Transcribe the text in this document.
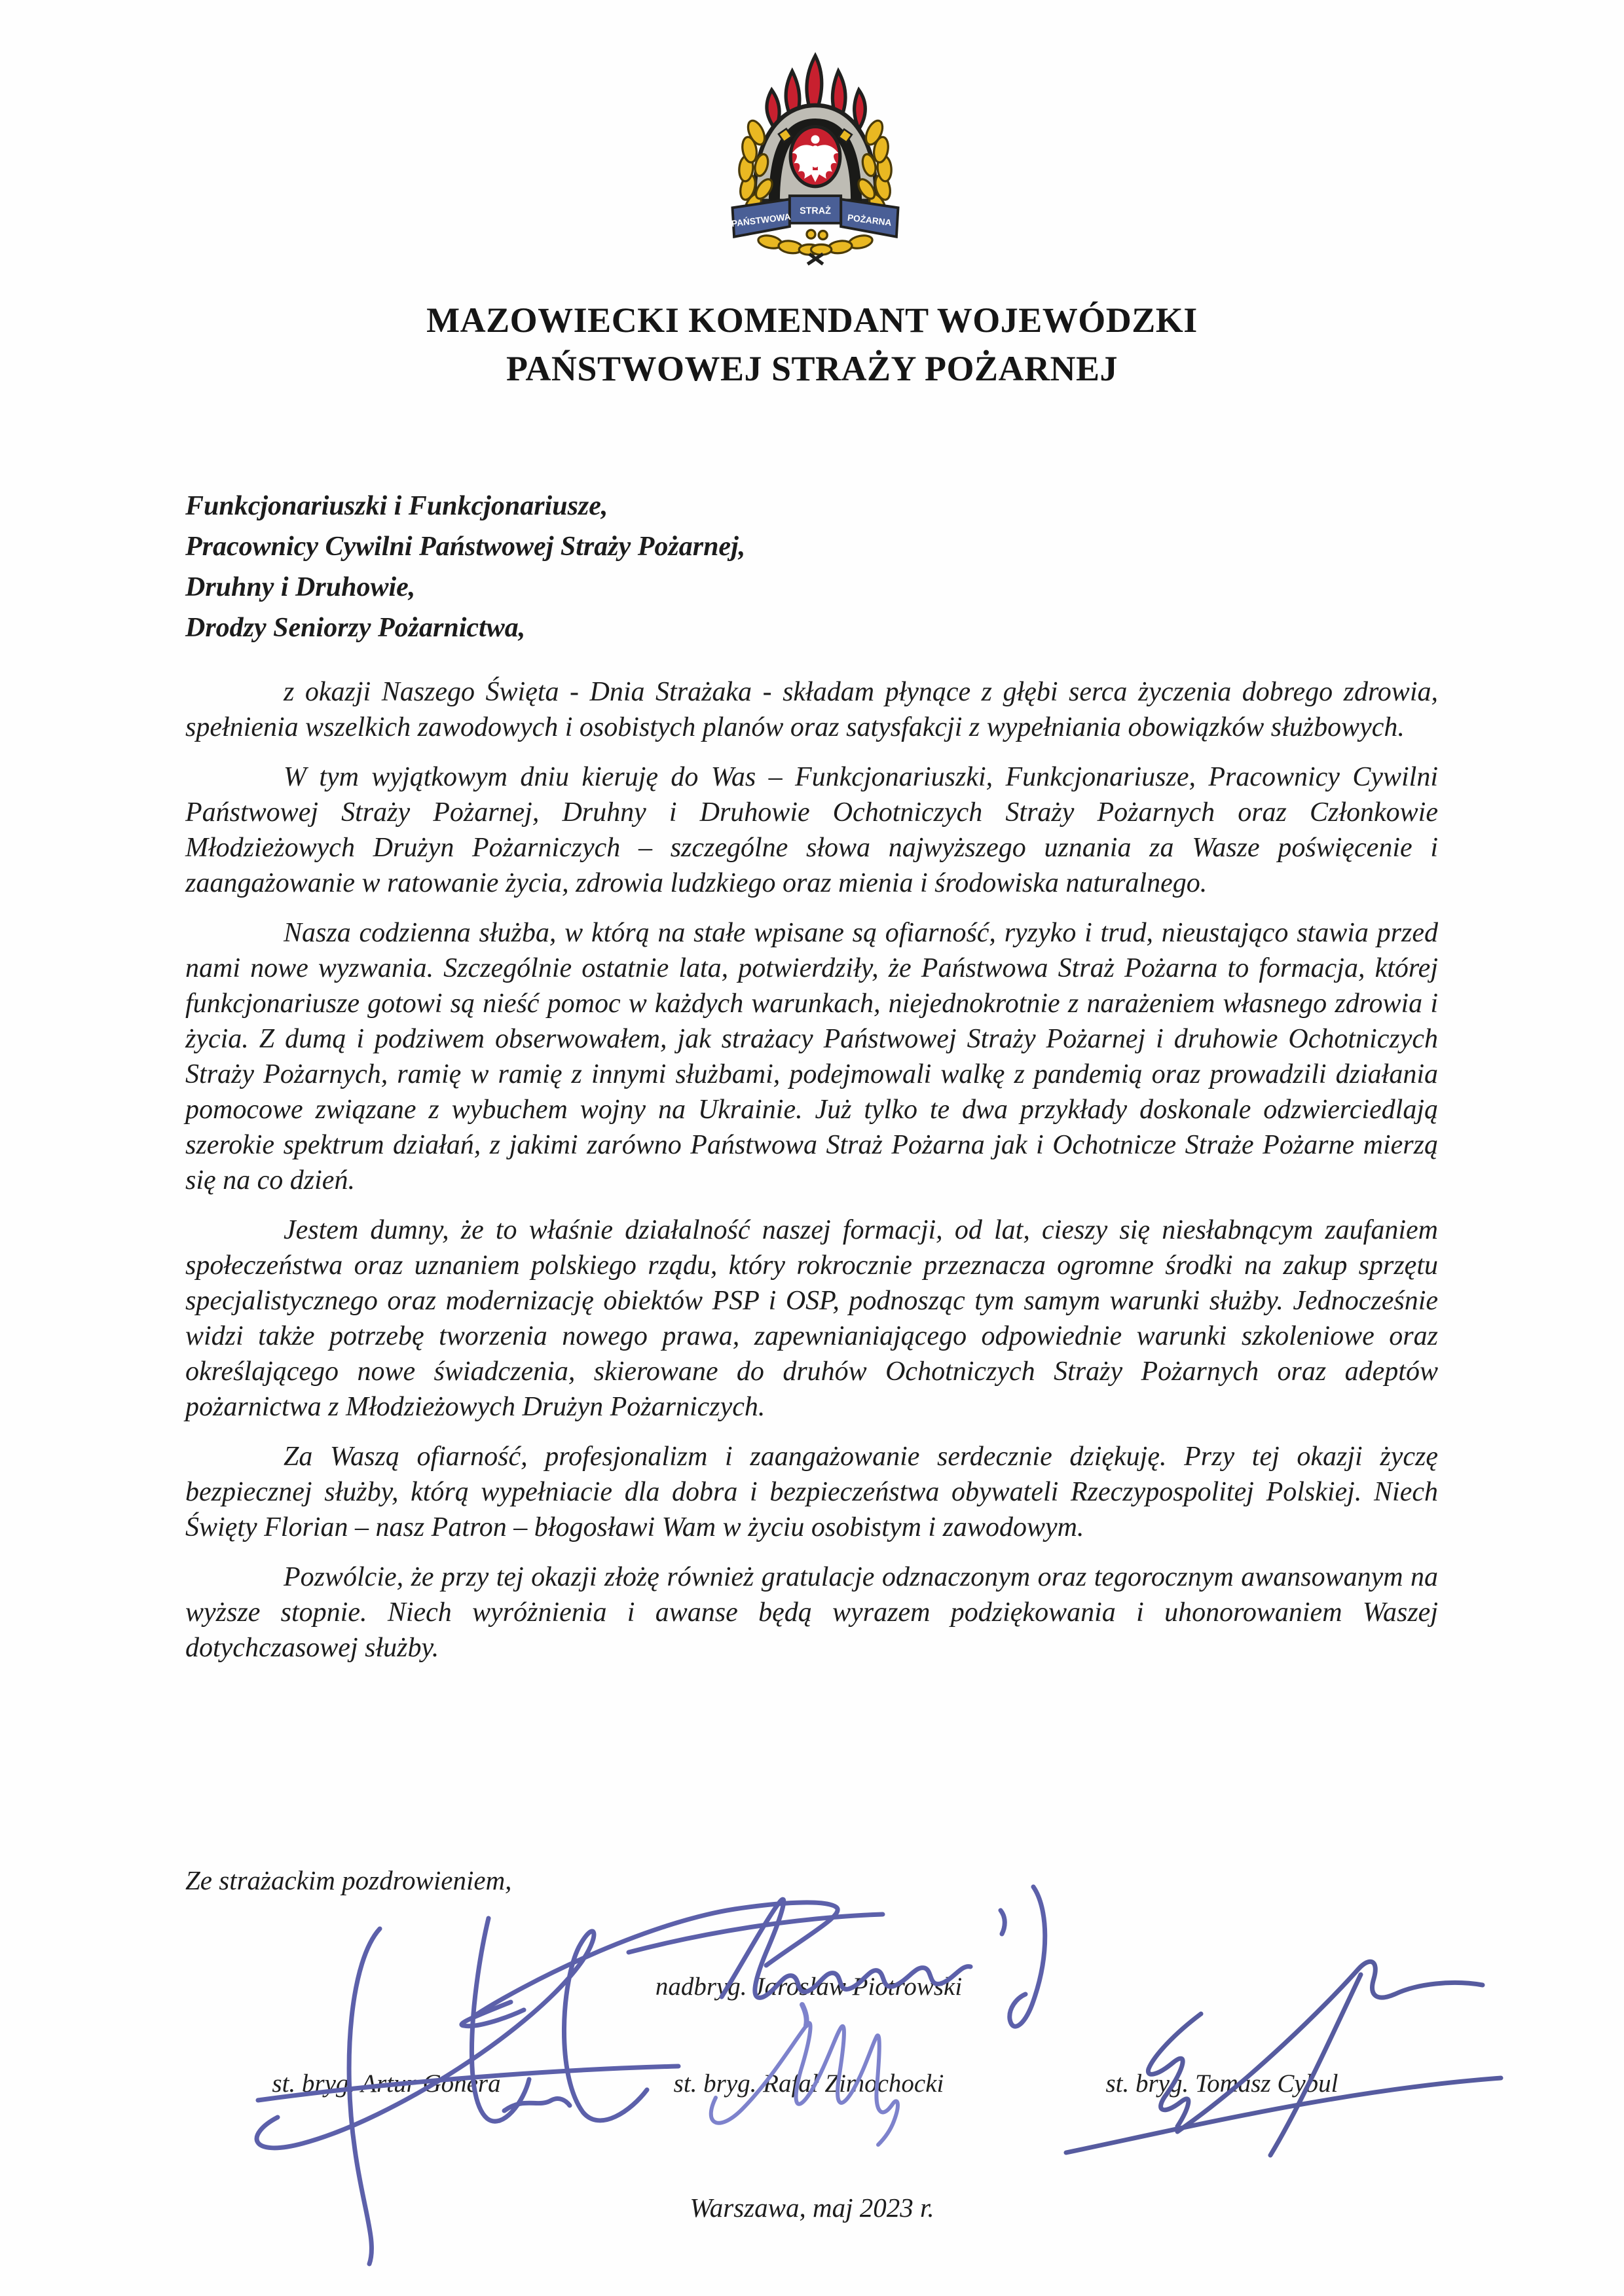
PAŃSTWOWA
STRAŻ
POŻARNA
MAZOWIECKI KOMENDANT WOJEWÓDZKI
PAŃSTWOWEJ STRAŻY POŻARNEJ
Funkcjonariuszki i Funkcjonariusze,
Pracownicy Cywilni Państwowej Straży Pożarnej,
Druhny i Druhowie,
Drodzy Seniorzy Pożarnictwa,

z okazji Naszego Święta - Dnia Strażaka - składam płynące z głębi serca życzenia dobrego zdrowia, spełnienia wszelkich zawodowych i osobistych planów oraz satysfakcji z wypełniania obowiązków służbowych.

W tym wyjątkowym dniu kieruję do Was – Funkcjonariuszki, Funkcjonariusze, Pracownicy Cywilni Państwowej Straży Pożarnej, Druhny i Druhowie Ochotniczych Straży Pożarnych oraz Członkowie Młodzieżowych Drużyn Pożarniczych – szczególne słowa najwyższego uznania za Wasze poświęcenie i zaangażowanie w ratowanie życia, zdrowia ludzkiego oraz mienia i środowiska naturalnego.

Nasza codzienna służba, w którą na stałe wpisane są ofiarność, ryzyko i trud, nieustająco stawia przed nami nowe wyzwania. Szczególnie ostatnie lata, potwierdziły, że Państwowa Straż Pożarna to formacja, której funkcjonariusze gotowi są nieść pomoc w każdych warunkach, niejednokrotnie z narażeniem własnego zdrowia i życia. Z dumą i podziwem obserwowałem, jak strażacy Państwowej Straży Pożarnej i druhowie Ochotniczych Straży Pożarnych, ramię w ramię z innymi służbami, podejmowali walkę z pandemią oraz prowadzili działania pomocowe związane z wybuchem wojny na Ukrainie. Już tylko te dwa przykłady doskonale odzwierciedlają szerokie spektrum działań, z jakimi zarówno Państwowa Straż Pożarna jak i Ochotnicze Straże Pożarne mierzą się na co dzień.

Jestem dumny, że to właśnie działalność naszej formacji, od lat, cieszy się niesłabnącym zaufaniem społeczeństwa oraz uznaniem polskiego rządu, który rokrocznie przeznacza ogromne środki na zakup sprzętu specjalistycznego oraz modernizację obiektów PSP i OSP, podnosząc tym samym warunki służby. Jednocześnie widzi także potrzebę tworzenia nowego prawa, zapewnianiającego odpowiednie warunki szkoleniowe oraz określającego nowe świadczenia, skierowane do druhów Ochotniczych Straży Pożarnych oraz adeptów pożarnictwa z Młodzieżowych Drużyn Pożarniczych.

Za Waszą ofiarność, profesjonalizm i zaangażowanie serdecznie dziękuję. Przy tej okazji życzę bezpiecznej służby, którą wypełniacie dla dobra i bezpieczeństwa obywateli Rzeczypospolitej Polskiej. Niech Święty Florian – nasz Patron – błogosławi Wam w życiu osobistym i zawodowym.

Pozwólcie, że przy tej okazji złożę również gratulacje odznaczonym oraz tegorocznym awansowanym na wyższe stopnie. Niech wyróżnienia i awanse będą wyrazem podziękowania i uhonorowaniem Waszej dotychczasowej służby.

Ze strażackim pozdrowieniem,
nadbryg. Jarosław Piotrowski
st. bryg. Artur Gonera	st. bryg. Rafał Zimochocki	st. bryg. Tomasz Cybul
Warszawa, maj 2023 r.
